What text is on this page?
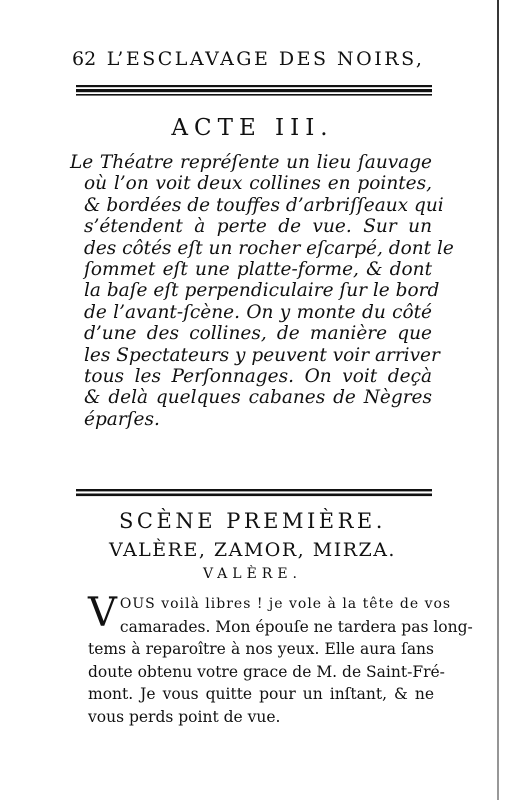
62 L’ESCLAVAGE DES NOIRS,
ACTE III.
Le Théatre repréſente un lieu ſauvage
où l’on voit deux collines en pointes,
& bordées de touffes d’arbriſſeaux qui
s’étendent à perte de vue. Sur un
des côtés eſt un rocher eſcarpé, dont le
ſommet eſt une platte-forme, & dont
la baſe eſt perpendiculaire ſur le bord
de l’avant-ſcène. On y monte du côté
d’une des collines, de manière que
les Spectateurs y peuvent voir arriver
tous les Perſonnages. On voit deçà
& delà quelques cabanes de Nègres
éparſes.
SCÈNE PREMIÈRE.
VALÈRE, ZAMOR, MIRZA.
VALÈRE.
V OUS voilà libres ! je vole à la tête de vos
camarades. Mon épouſe ne tardera pas long-
tems à reparoître à nos yeux. Elle aura ſans
doute obtenu votre grace de M. de Saint-Fré-
mont. Je vous quitte pour un inſtant, & ne
vous perds point de vue.
